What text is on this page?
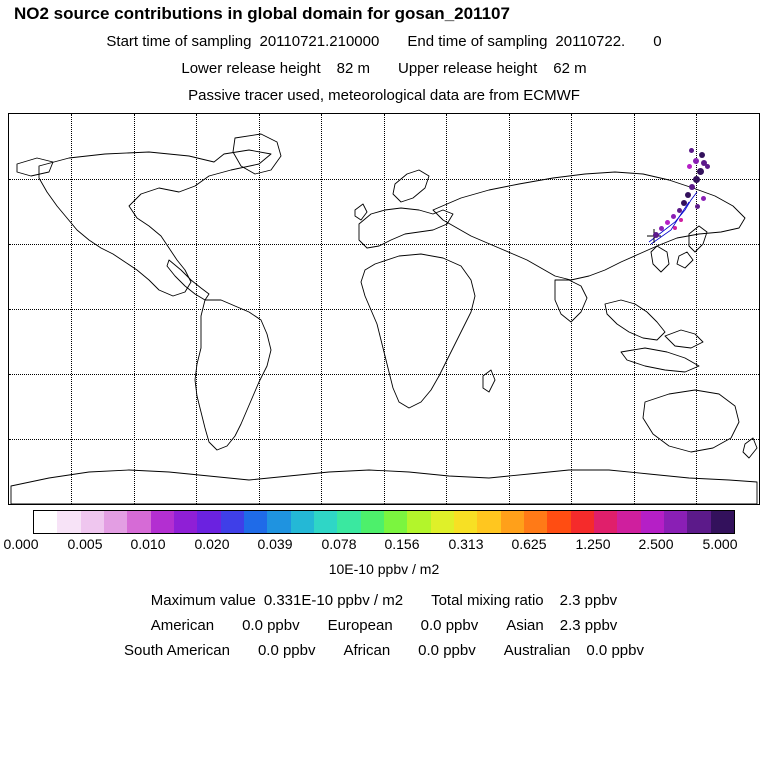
NO2 source contributions in global domain for gosan_201107
Start time of sampling 20110721.210000 End time of sampling 20110722. 0
Lower release height 82 m Upper release height 62 m
Passive tracer used, meteorological data are from ECMWF
0.000	0.005	0.010	0.020	0.039	0.078	0.156	0.313	0.625	1.250	2.500	5.000
10E-10 ppbv / m2
Maximum value 0.331E-10 ppbv / m2 Total mixing ratio 2.3 ppbv
American 0.0 ppbv European 0.0 ppbv Asian 2.3 ppbv
South American 0.0 ppbv African 0.0 ppbv Australian 0.0 ppbv
